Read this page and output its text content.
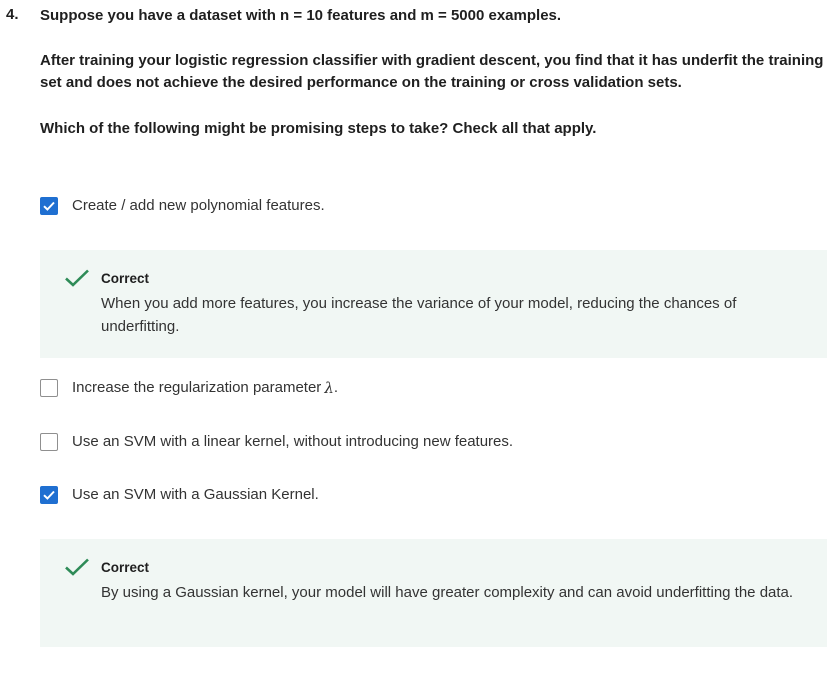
4. Suppose you have a dataset with n = 10 features and m = 5000 examples.

After training your logistic regression classifier with gradient descent, you find that it has underfit the training set and does not achieve the desired performance on the training or cross validation sets.

Which of the following might be promising steps to take? Check all that apply.

Create / add new polynomial features.
Correct
When you add more features, you increase the variance of your model, reducing the chances of underfitting.
Increase the regularization parameter λ .
Use an SVM with a linear kernel, without introducing new features.
Use an SVM with a Gaussian Kernel.
Correct
By using a Gaussian kernel, your model will have greater complexity and can avoid underfitting the data.
